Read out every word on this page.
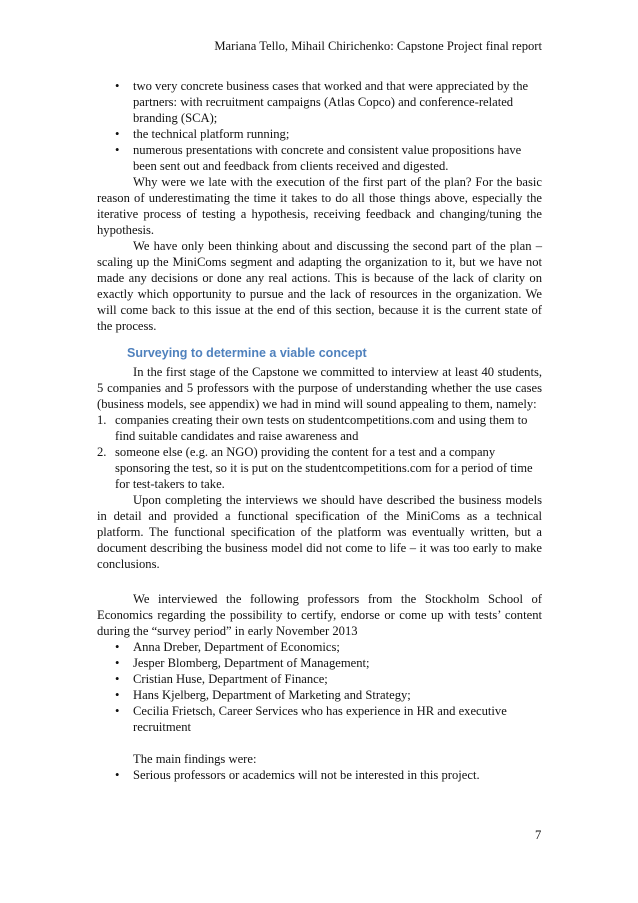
Mariana Tello, Mihail Chirichenko: Capstone Project final report
• two very concrete business cases that worked and that were appreciated by the partners: with recruitment campaigns (Atlas Copco) and conference-related branding (SCA);
• the technical platform running;
• numerous presentations with concrete and consistent value propositions have been sent out and feedback from clients received and digested.

Why were we late with the execution of the first part of the plan? For the basic reason of underestimating the time it takes to do all those things above, especially the iterative process of testing a hypothesis, receiving feedback and changing/tuning the hypothesis.

We have only been thinking about and discussing the second part of the plan – scaling up the MiniComs segment and adapting the organization to it, but we have not made any decisions or done any real actions. This is because of the lack of clarity on exactly which opportunity to pursue and the lack of resources in the organization. We will come back to this issue at the end of this section, because it is the current state of the process.

Surveying to determine a viable concept

In the first stage of the Capstone we committed to interview at least 40 students, 5 companies and 5 professors with the purpose of understanding whether the use cases (business models, see appendix) we had in mind will sound appealing to them, namely:

1. companies creating their own tests on studentcompetitions.com and using them to find suitable candidates and raise awareness and
2. someone else (e.g. an NGO) providing the content for a test and a company sponsoring the test, so it is put on the studentcompetitions.com for a period of time for test-takers to take.

Upon completing the interviews we should have described the business models in detail and provided a functional specification of the MiniComs as a technical platform. The functional specification of the platform was eventually written, but a document describing the business model did not come to life – it was too early to make conclusions.

We interviewed the following professors from the Stockholm School of Economics regarding the possibility to certify, endorse or come up with tests’ content during the “survey period” in early November 2013

• Anna Dreber, Department of Economics;
• Jesper Blomberg, Department of Management;
• Cristian Huse, Department of Finance;
• Hans Kjelberg, Department of Marketing and Strategy;
• Cecilia Frietsch, Career Services who has experience in HR and executive recruitment

The main findings were:

• Serious professors or academics will not be interested in this project.
7
